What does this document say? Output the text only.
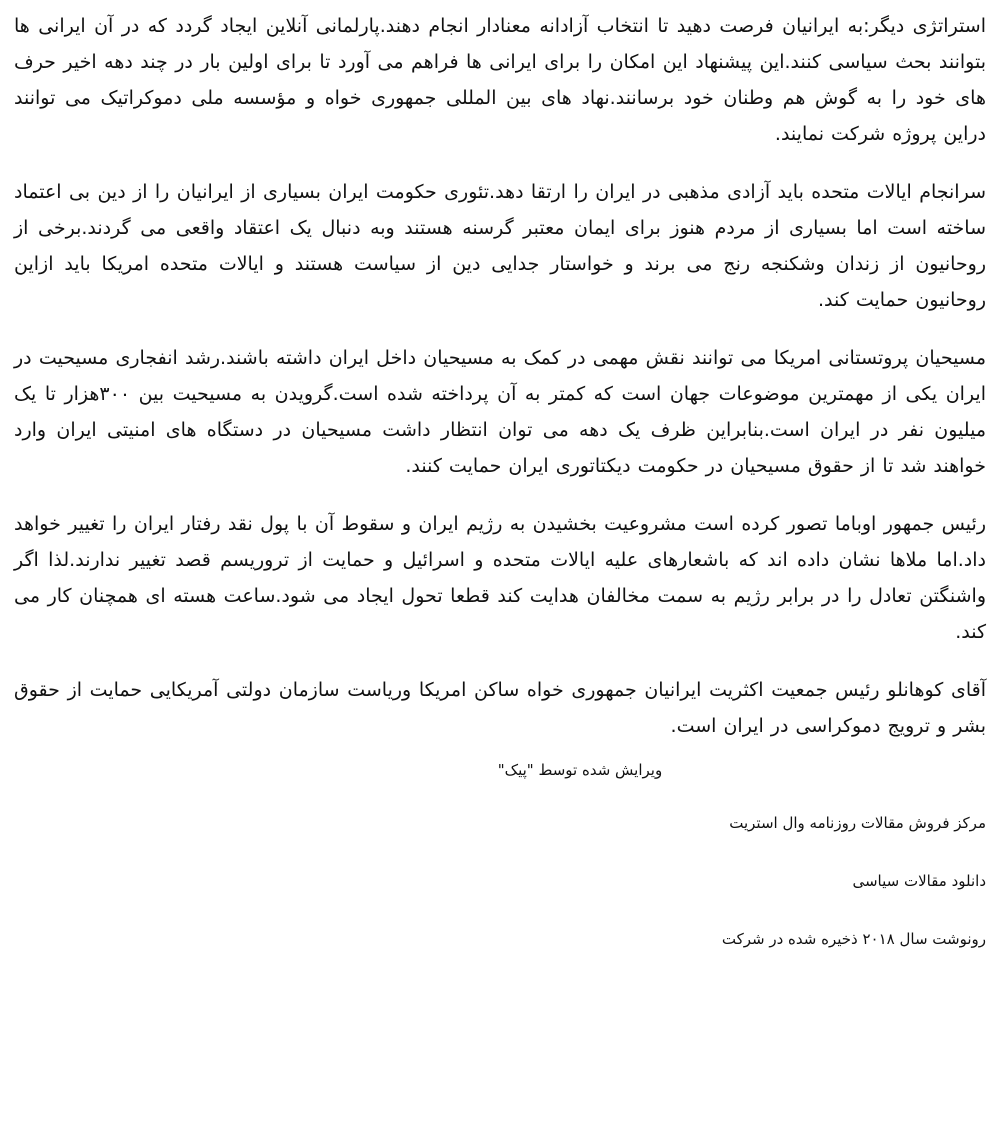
استراتژی دیگر:به ایرانیان فرصت دهید تا انتخاب آزادانه معنادار انجام دهند.پارلمانی آنلاین ایجاد گردد که در آن ایرانی ها بتوانند بحث سیاسی کنند.این پیشنهاد این امکان را برای ایرانی ها فراهم می آورد تا برای اولین بار در چند دهه اخیر حرف های خود را به گوش هم وطنان خود برسانند.نهاد های بین المللی جمهوری خواه و مؤسسه ملی دموکراتیک می توانند دراین پروژه شرکت نمایند.

سرانجام ایالات متحده باید آزادی مذهبی در ایران را ارتقا دهد.تئوری حکومت ایران بسیاری از ایرانیان را از دین بی اعتماد ساخته است اما بسیاری از مردم هنوز برای ایمان معتبر گرسنه هستند وبه دنبال یک اعتقاد واقعی می گردند.برخی از روحانیون از زندان وشکنجه رنج می برند و خواستار جدایی دین از سیاست هستند و ایالات متحده امریکا باید ازاین روحانیون حمایت کند.

مسیحیان پروتستانی امریکا می توانند نقش مهمی در کمک به مسیحیان داخل ایران داشته باشند.رشد انفجاری مسیحیت در ایران یکی از مهمترین موضوعات جهان است که کمتر به آن پرداخته شده است.گرویدن به مسیحیت بین ۳۰۰هزار تا یک میلیون نفر در ایران است.بنابراین ظرف یک دهه می توان انتظار داشت مسیحیان در دستگاه های امنیتی ایران وارد خواهند شد تا از حقوق مسیحیان در حکومت دیکتاتوری ایران حمایت کنند.

رئیس جمهور اوباما تصور کرده است مشروعیت بخشیدن به رژیم ایران و سقوط آن با پول نقد رفتار ایران را تغییر خواهد داد.اما ملاها نشان داده اند که باشعارهای علیه ایالات متحده و اسرائیل و حمایت از تروریسم قصد تغییر ندارند.لذا اگر واشنگتن تعادل را در برابر رژیم به سمت مخالفان هدایت کند قطعا تحول ایجاد می شود.ساعت هسته ای همچنان کار می کند.

آقای کوهانلو رئیس جمعیت اکثریت ایرانیان جمهوری خواه ساکن امریکا وریاست سازمان دولتی آمریکایی حمایت از حقوق بشر و ترویج دموکراسی در ایران است.

ویرایش شده توسط "پیک"
مرکز فروش مقالات روزنامه وال استریت
دانلود مقالات سیاسی
رونوشت سال ۲۰۱۸ ذخیره شده در شرکت
